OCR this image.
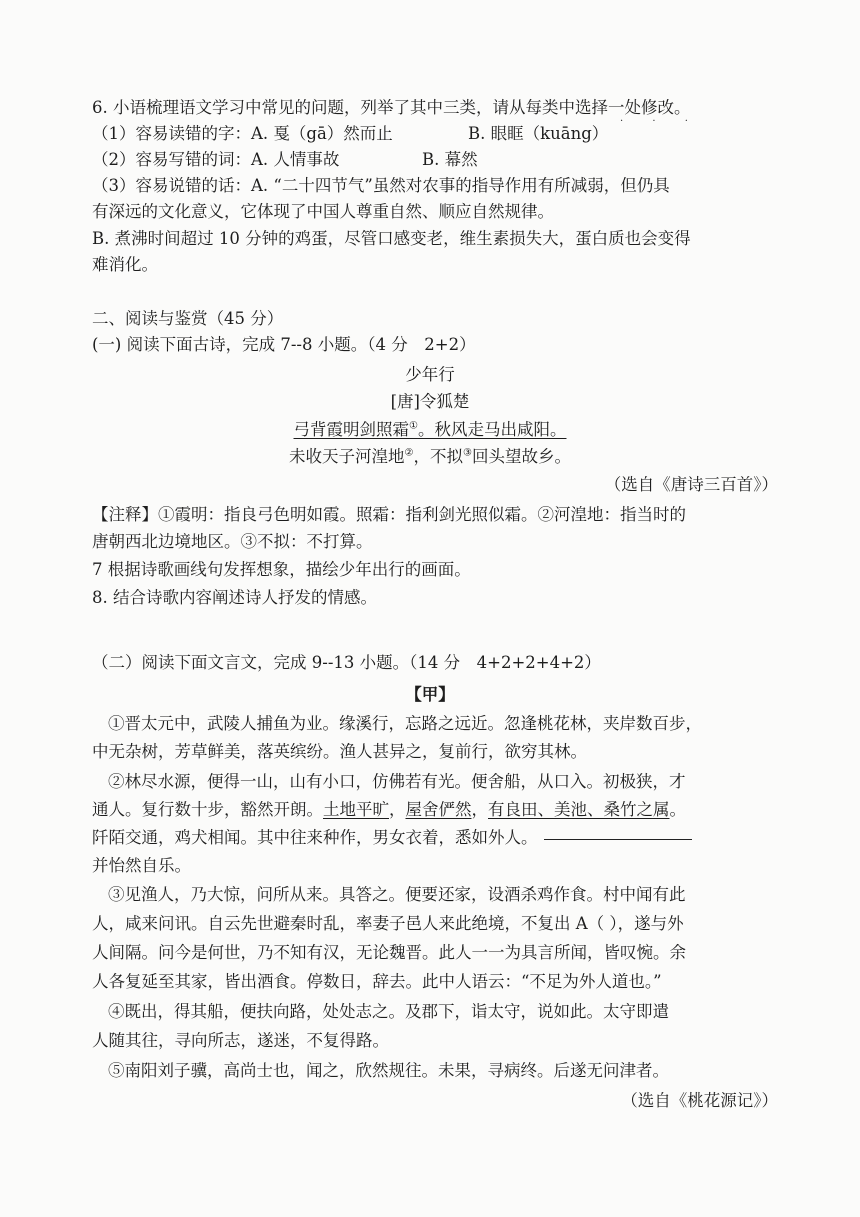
6. 小语梳理语文学习中常见的问题，列举了其中三类，请从每类中选择一处修改。
· · ·
（1）容易读错的字：A. 戛（gā）然而止	B. 眼眶（kuāng）
（2）容易写错的词：A. 人情事故	B. 幕然
（3）容易说错的话：A. “二十四节气”虽然对农事的指导作用有所减弱，但仍具
有深远的文化意义，它体现了中国人尊重自然、顺应自然规律。
B. 煮沸时间超过 10 分钟的鸡蛋，尽管口感变老，维生素损失大，蛋白质也会变得
难消化。
二、阅读与鉴赏（45 分）
(一) 阅读下面古诗，完成 7--8 小题。（4 分　2+2）
少年行
[唐]令狐楚
弓背霞明剑照霜①。秋风走马出咸阳。
未收天子河湟地②，不拟③回头望故乡。
（选自《唐诗三百首》）
【注释】①霞明：指良弓色明如霞。照霜：指利剑光照似霜。②河湟地：指当时的
唐朝西北边境地区。③不拟：不打算。
7 根据诗歌画线句发挥想象，描绘少年出行的画面。
8. 结合诗歌内容阐述诗人抒发的情感。
（二）阅读下面文言文，完成 9--13 小题。（14 分　4+2+2+4+2）
【甲】
①晋太元中，武陵人捕鱼为业。缘溪行，忘路之远近。忽逢桃花林，夹岸数百步，
中无杂树，芳草鲜美，落英缤纷。渔人甚异之，复前行，欲穷其林。
②林尽水源，便得一山，山有小口，仿佛若有光。便舍船，从口入。初极狭，才
通人。复行数十步，豁然开朗。土地平旷，屋舍俨然，有良田、美池、桑竹之属。
阡陌交通，鸡犬相闻。其中往来种作，男女衣着，悉如外人。
并怡然自乐。
③见渔人，乃大惊，问所从来。具答之。便要还家，设酒杀鸡作食。村中闻有此
人，咸来问讯。自云先世避秦时乱，率妻子邑人来此绝境，不复出 A（ ），遂与外
人间隔。问今是何世，乃不知有汉，无论魏晋。此人一一为具言所闻，皆叹惋。余
人各复延至其家，皆出酒食。停数日，辞去。此中人语云：“不足为外人道也。”
④既出，得其船，便扶向路，处处志之。及郡下，诣太守，说如此。太守即遣
人随其往，寻向所志，遂迷，不复得路。
⑤南阳刘子骥，高尚士也，闻之，欣然规往。未果，寻病终。后遂无问津者。
（选自《桃花源记》）
